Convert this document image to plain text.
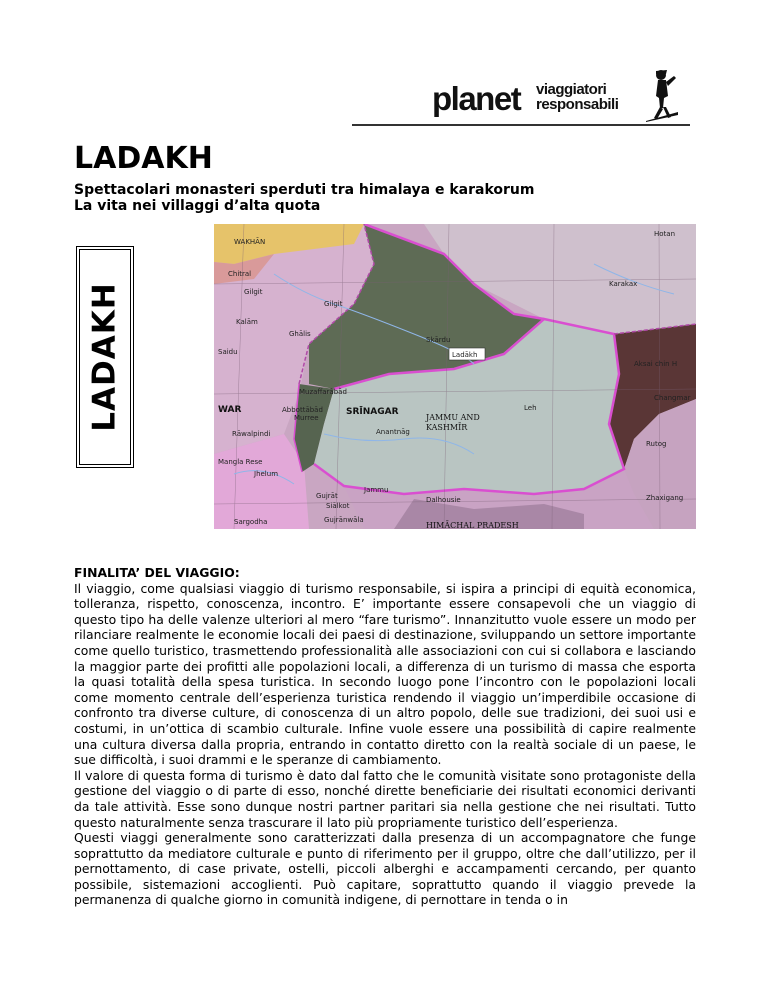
planet viaggiatori
responsabili
LADAKH
Spettacolari monasteri sperduti tra himalaya e karakorum
La vita nei villaggi d’alta quota
LADAKH
WAKHĀN
Hotan
Karakax
Chitral
Gilgit
Gilgit
Kalām
Ghālis
Skārdu
Ladākh
Aksai chin H
Saidu
Muzaffarābād
Abbottābād
Murree
SRĪNAGAR
WAR
JAMMU AND
KASHMĪR
Leh
Anantnāg
Rāwalpindi
Changmar
Rutog
Mangla Rese
Jhelum
Gujrāt
Jammu
Dalhousie
Siālkot
Zhaxigang
Gujrānwāla
Sargodha	HIMĀCHAL PRADESH

FINALITA’ DEL VIAGGIO:

Il viaggio, come qualsiasi viaggio di turismo responsabile, si ispira a principi di equità economica, tolleranza, rispetto, conoscenza, incontro. E’ importante essere consapevoli che un viaggio di questo tipo ha delle valenze ulteriori al mero “fare turismo”. Innanzitutto vuole essere un modo per rilanciare realmente le economie locali dei paesi di destinazione, sviluppando un settore importante come quello turistico, trasmettendo professionalità alle associazioni con cui si collabora e lasciando la maggior parte dei profitti alle popolazioni locali, a differenza di un turismo di massa che esporta la quasi totalità della spesa turistica. In secondo luogo pone l’incontro con le popolazioni locali come momento centrale dell’esperienza turistica rendendo il viaggio un’imperdibile occasione di confronto tra diverse culture, di conoscenza di un altro popolo, delle sue tradizioni, dei suoi usi e costumi, in un’ottica di scambio culturale. Infine vuole essere una possibilità di capire realmente una cultura diversa dalla propria, entrando in contatto diretto con la realtà sociale di un paese, le sue difficoltà, i suoi drammi e le speranze di cambiamento.

Il valore di questa forma di turismo è dato dal fatto che le comunità visitate sono protagoniste della gestione del viaggio o di parte di esso, nonché dirette beneficiarie dei risultati economici derivanti da tale attività. Esse sono dunque nostri partner paritari sia nella gestione che nei risultati. Tutto questo naturalmente senza trascurare il lato più propriamente turistico dell’esperienza.

Questi viaggi generalmente sono caratterizzati dalla presenza di un accompagnatore che funge soprattutto da mediatore culturale e punto di riferimento per il gruppo, oltre che dall’utilizzo, per il pernottamento, di case private, ostelli, piccoli alberghi e accampamenti cercando, per quanto possibile, sistemazioni accoglienti. Può capitare, soprattutto quando il viaggio prevede la permanenza di qualche giorno in comunità indigene, di pernottare in tenda o in
